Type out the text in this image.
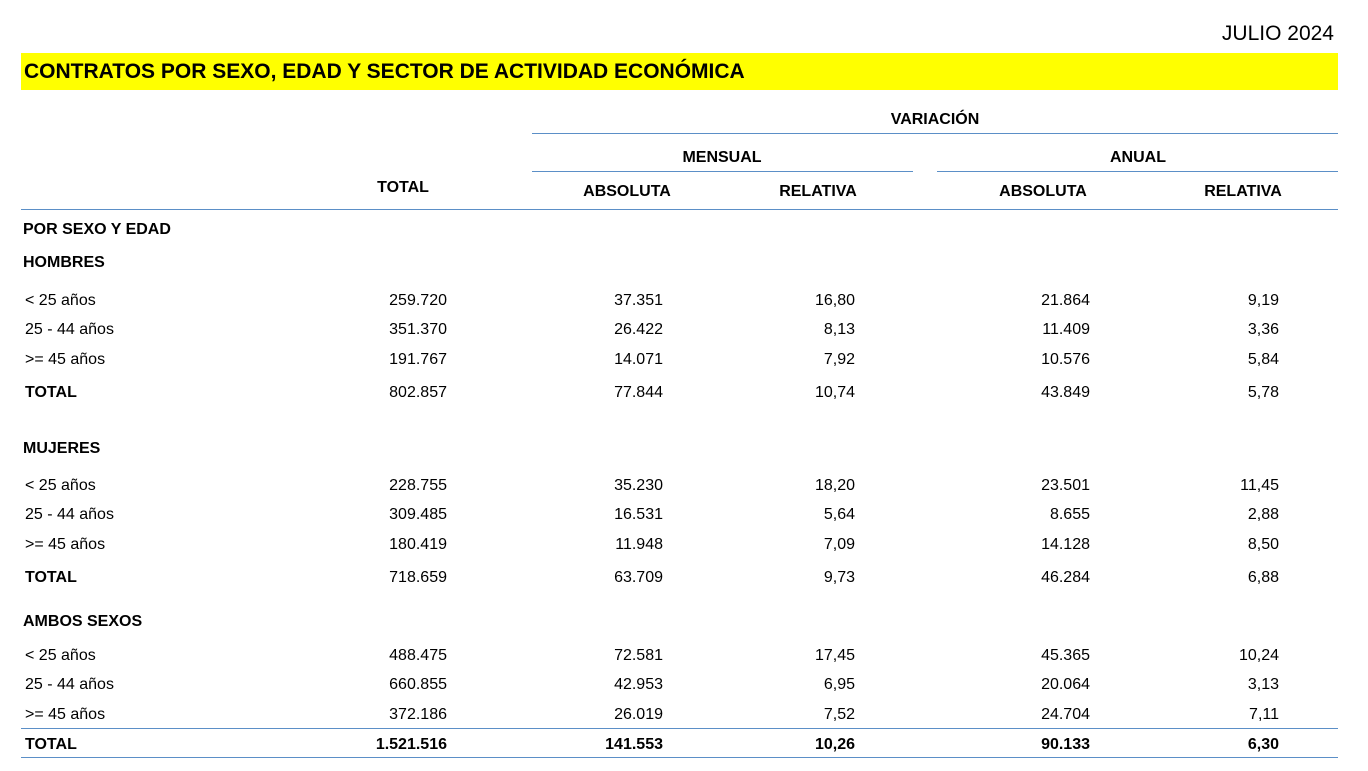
JULIO 2024
CONTRATOS POR SEXO, EDAD Y SECTOR DE ACTIVIDAD ECONÓMICA
VARIACIÓN
MENSUAL	ANUAL
TOTAL	ABSOLUTA	RELATIVA	ABSOLUTA	RELATIVA
POR SEXO Y EDAD
HOMBRES
< 25 años	259.720	37.351	16,80	21.864	9,19
25 - 44 años	351.370	26.422	8,13	11.409	3,36
>= 45 años	191.767	14.071	7,92	10.576	5,84
TOTAL	802.857	77.844	10,74	43.849	5,78
MUJERES
< 25 años	228.755	35.230	18,20	23.501	11,45
25 - 44 años	309.485	16.531	5,64	8.655	2,88
>= 45 años	180.419	11.948	7,09	14.128	8,50
TOTAL	718.659	63.709	9,73	46.284	6,88
AMBOS SEXOS
< 25 años	488.475	72.581	17,45	45.365	10,24
25 - 44 años	660.855	42.953	6,95	20.064	3,13
>= 45 años	372.186	26.019	7,52	24.704	7,11
TOTAL	1.521.516	141.553	10,26	90.133	6,30
